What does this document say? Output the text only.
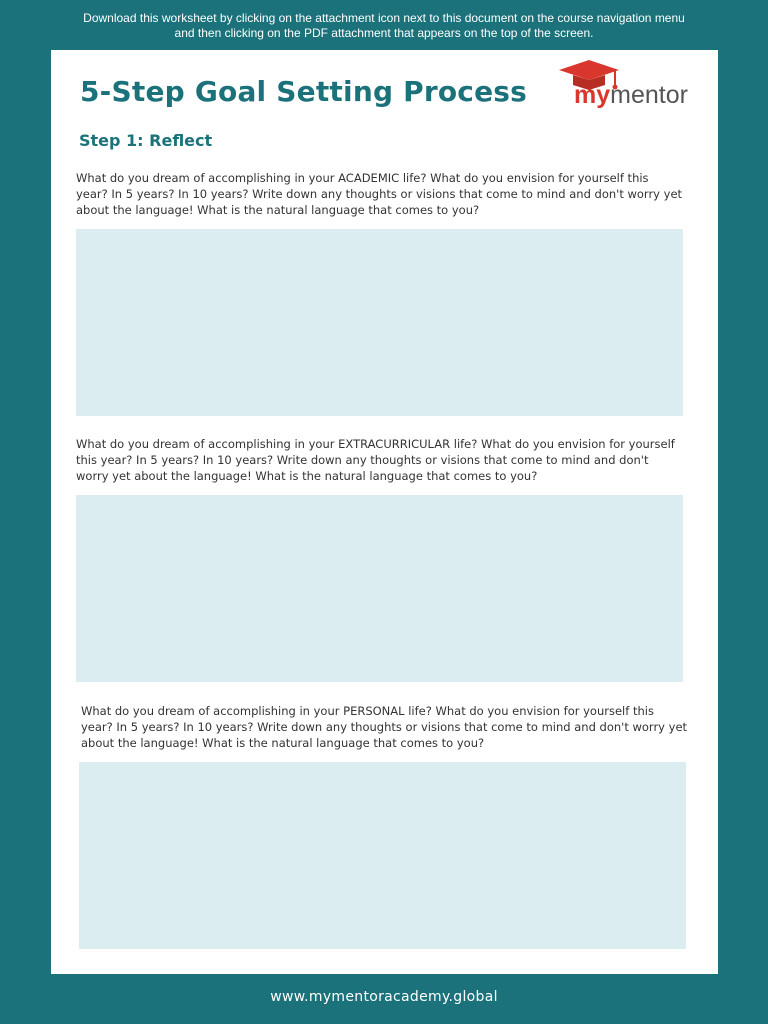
Download this worksheet by clicking on the attachment icon next to this document on the course navigation menu
and then clicking on the PDF attachment that appears on the top of the screen.
5-Step Goal Setting Process mymentor
Step 1: Reflect

What do you dream of accomplishing in your ACADEMIC life? What do you envision for yourself this
year? In 5 years? In 10 years? Write down any thoughts or visions that come to mind and don't worry yet
about the language! What is the natural language that comes to you?

What do you dream of accomplishing in your EXTRACURRICULAR life? What do you envision for yourself
this year? In 5 years? In 10 years? Write down any thoughts or visions that come to mind and don't
worry yet about the language! What is the natural language that comes to you?

What do you dream of accomplishing in your PERSONAL life? What do you envision for yourself this
year? In 5 years? In 10 years? Write down any thoughts or visions that come to mind and don't worry yet
about the language! What is the natural language that comes to you?

www.mymentoracademy.global
